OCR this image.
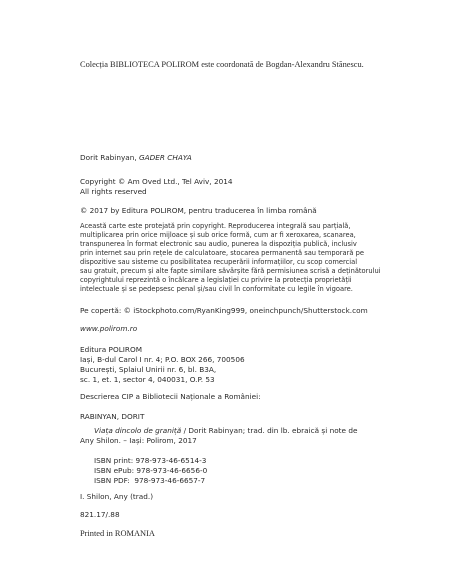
Colecția BIBLIOTECA POLIROM este coordonată de Bogdan-Alexandru Stănescu.
Dorit Rabinyan, GADER CHAYA
Copyright © Am Oved Ltd., Tel Aviv, 2014
All rights reserved
© 2017 by Editura POLIROM, pentru traducerea în limba română
Această carte este protejată prin copyright. Reproducerea integrală sau parțială,
multiplicarea prin orice mijloace și sub orice formă, cum ar fi xeroxarea, scanarea,
transpunerea în format electronic sau audio, punerea la dispoziția publică, inclusiv
prin internet sau prin rețele de calculatoare, stocarea permanentă sau temporară pe
dispozitive sau sisteme cu posibilitatea recuperării informațiilor, cu scop comercial
sau gratuit, precum și alte fapte similare săvârșite fără permisiunea scrisă a deținătorului
copyrightului reprezintă o încălcare a legislației cu privire la protecția proprietății
intelectuale și se pedepsesc penal și/sau civil în conformitate cu legile în vigoare.
Pe copertă: © iStockphoto.com/RyanKing999, oneinchpunch/Shutterstock.com
www.polirom.ro
Editura POLIROM
Iași, B-dul Carol I nr. 4; P.O. BOX 266, 700506
București, Splaiul Unirii nr. 6, bl. B3A,
sc. 1, et. 1, sector 4, 040031, O.P. 53
Descrierea CIP a Bibliotecii Naționale a României:
RABINYAN, DORIT
Viața dincolo de graniță / Dorit Rabinyan; trad. din lb. ebraică și note de
Any Shilon. – Iași: Polirom, 2017
ISBN print: 978-973-46-6514-3
ISBN ePub: 978-973-46-6656-0
ISBN PDF:  978-973-46-6657-7
I. Shilon, Any (trad.)
821.17/.88
Printed in ROMANIA
